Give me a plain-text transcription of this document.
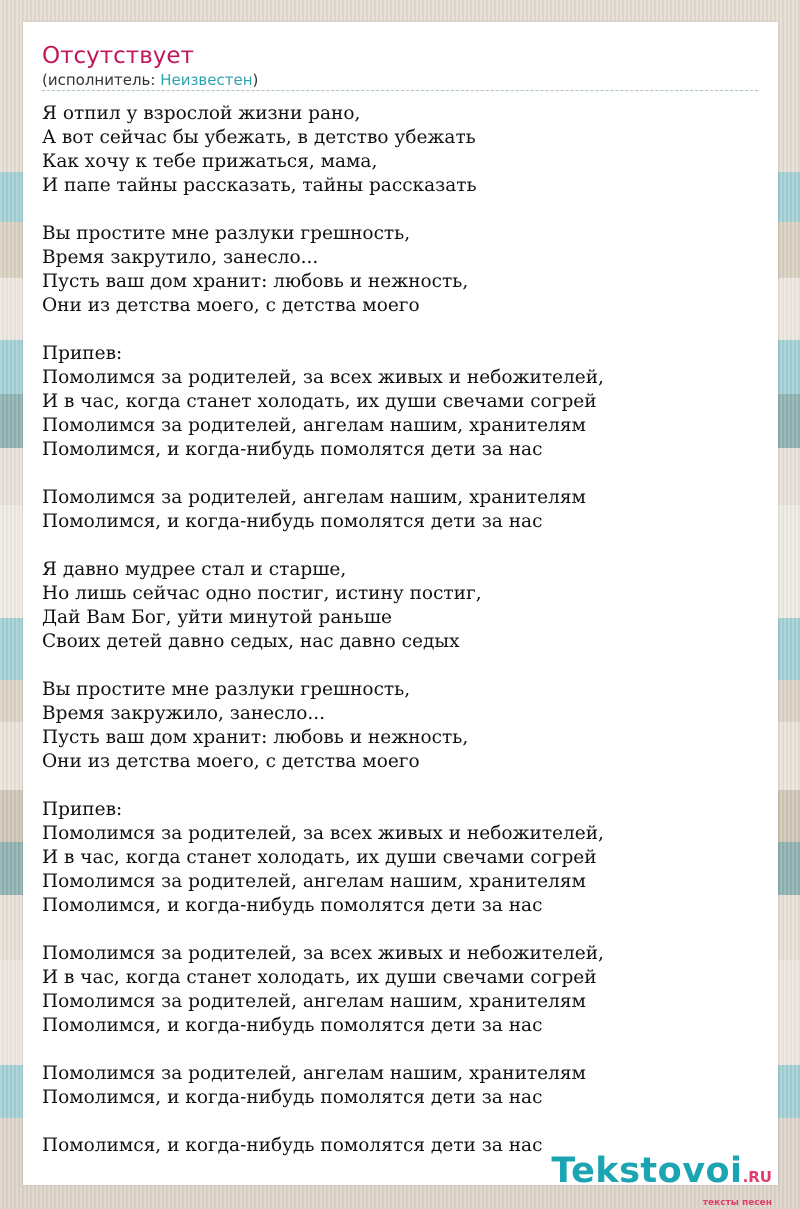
Отсутствует
(исполнитель: Неизвестен)
Я отпил у взрослой жизни рано,
А вот сейчас бы убежать, в детство убежать
Как хочу к тебе прижаться, мама,
И папе тайны рассказать, тайны рассказать
Вы простите мне разлуки грешность,
Время закрутило, занесло...
Пусть ваш дом хранит: любовь и нежность,
Они из детства моего, с детства моего
Припев:
Помолимся за родителей, за всех живых и небожителей,
И в час, когда станет холодать, их души свечами согрей
Помолимся за родителей, ангелам нашим, хранителям
Помолимся, и когда-нибудь помолятся дети за нас
Помолимся за родителей, ангелам нашим, хранителям
Помолимся, и когда-нибудь помолятся дети за нас
Я давно мудрее стал и старше,
Но лишь сейчас одно постиг, истину постиг,
Дай Вам Бог, уйти минутой раньше
Своих детей давно седых, нас давно седых
Вы простите мне разлуки грешность,
Время закружило, занесло...
Пусть ваш дом хранит: любовь и нежность,
Они из детства моего, с детства моего
Припев:
Помолимся за родителей, за всех живых и небожителей,
И в час, когда станет холодать, их души свечами согрей
Помолимся за родителей, ангелам нашим, хранителям
Помолимся, и когда-нибудь помолятся дети за нас
Помолимся за родителей, за всех живых и небожителей,
И в час, когда станет холодать, их души свечами согрей
Помолимся за родителей, ангелам нашим, хранителям
Помолимся, и когда-нибудь помолятся дети за нас
Помолимся за родителей, ангелам нашим, хранителям
Помолимся, и когда-нибудь помолятся дети за нас
Помолимся, и когда-нибудь помолятся дети за нас
Tekstovoi.RU
тексты песен
